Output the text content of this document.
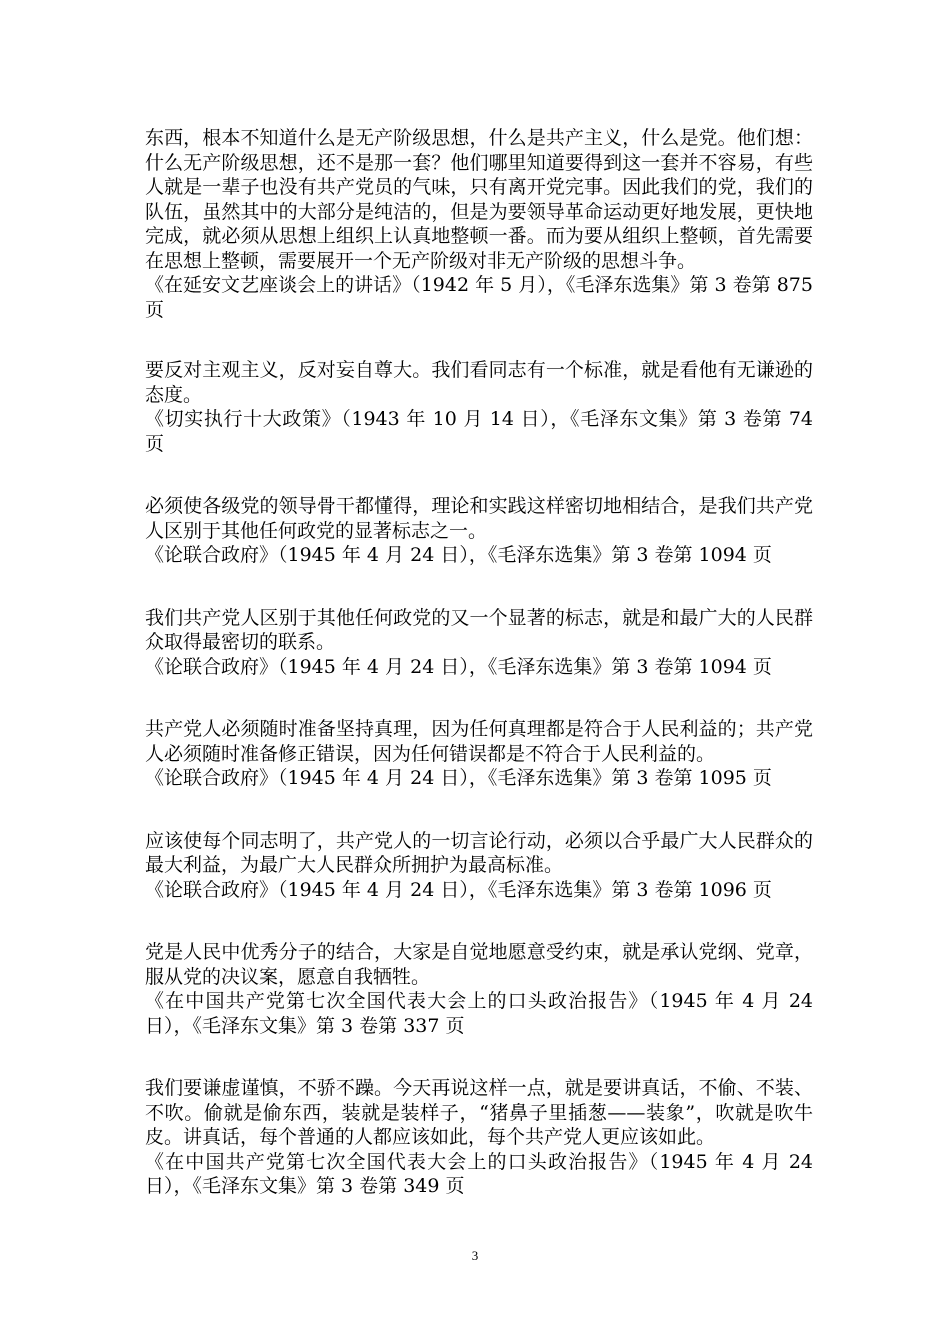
东西，根本不知道什么是无产阶级思想，什么是共产主义，什么是党。他们想：什么无产阶级思想，还不是那一套？他们哪里知道要得到这一套并不容易，有些人就是一辈子也没有共产党员的气味，只有离开党完事。因此我们的党，我们的队伍，虽然其中的大部分是纯洁的，但是为要领导革命运动更好地发展，更快地完成，就必须从思想上组织上认真地整顿一番。而为要从组织上整顿，首先需要在思想上整顿，需要展开一个无产阶级对非无产阶级的思想斗争。

《在延安文艺座谈会上的讲话》（1942 年 5 月），《毛泽东选集》第 3 卷第 875 页

要反对主观主义，反对妄自尊大。我们看同志有一个标准，就是看他有无谦逊的态度。

《切实执行十大政策》（1943 年 10 月 14 日），《毛泽东文集》第 3 卷第 74 页

必须使各级党的领导骨干都懂得，理论和实践这样密切地相结合，是我们共产党人区别于其他任何政党的显著标志之一。

《论联合政府》（1945 年 4 月 24 日），《毛泽东选集》第 3 卷第 1094 页

我们共产党人区别于其他任何政党的又一个显著的标志，就是和最广大的人民群众取得最密切的联系。

《论联合政府》（1945 年 4 月 24 日），《毛泽东选集》第 3 卷第 1094 页

共产党人必须随时准备坚持真理，因为任何真理都是符合于人民利益的；共产党人必须随时准备修正错误，因为任何错误都是不符合于人民利益的。

《论联合政府》（1945 年 4 月 24 日），《毛泽东选集》第 3 卷第 1095 页

应该使每个同志明了，共产党人的一切言论行动，必须以合乎最广大人民群众的最大利益，为最广大人民群众所拥护为最高标准。

《论联合政府》（1945 年 4 月 24 日），《毛泽东选集》第 3 卷第 1096 页

党是人民中优秀分子的结合，大家是自觉地愿意受约束，就是承认党纲、党章，服从党的决议案，愿意自我牺牲。

《在中国共产党第七次全国代表大会上的口头政治报告》（1945 年 4 月 24 日），《毛泽东文集》第 3 卷第 337 页

我们要谦虚谨慎，不骄不躁。今天再说这样一点，就是要讲真话，不偷、不装、不吹。偷就是偷东西，装就是装样子，“猪鼻子里插葱——装象”，吹就是吹牛皮。讲真话，每个普通的人都应该如此，每个共产党人更应该如此。

《在中国共产党第七次全国代表大会上的口头政治报告》（1945 年 4 月 24 日），《毛泽东文集》第 3 卷第 349 页

3
